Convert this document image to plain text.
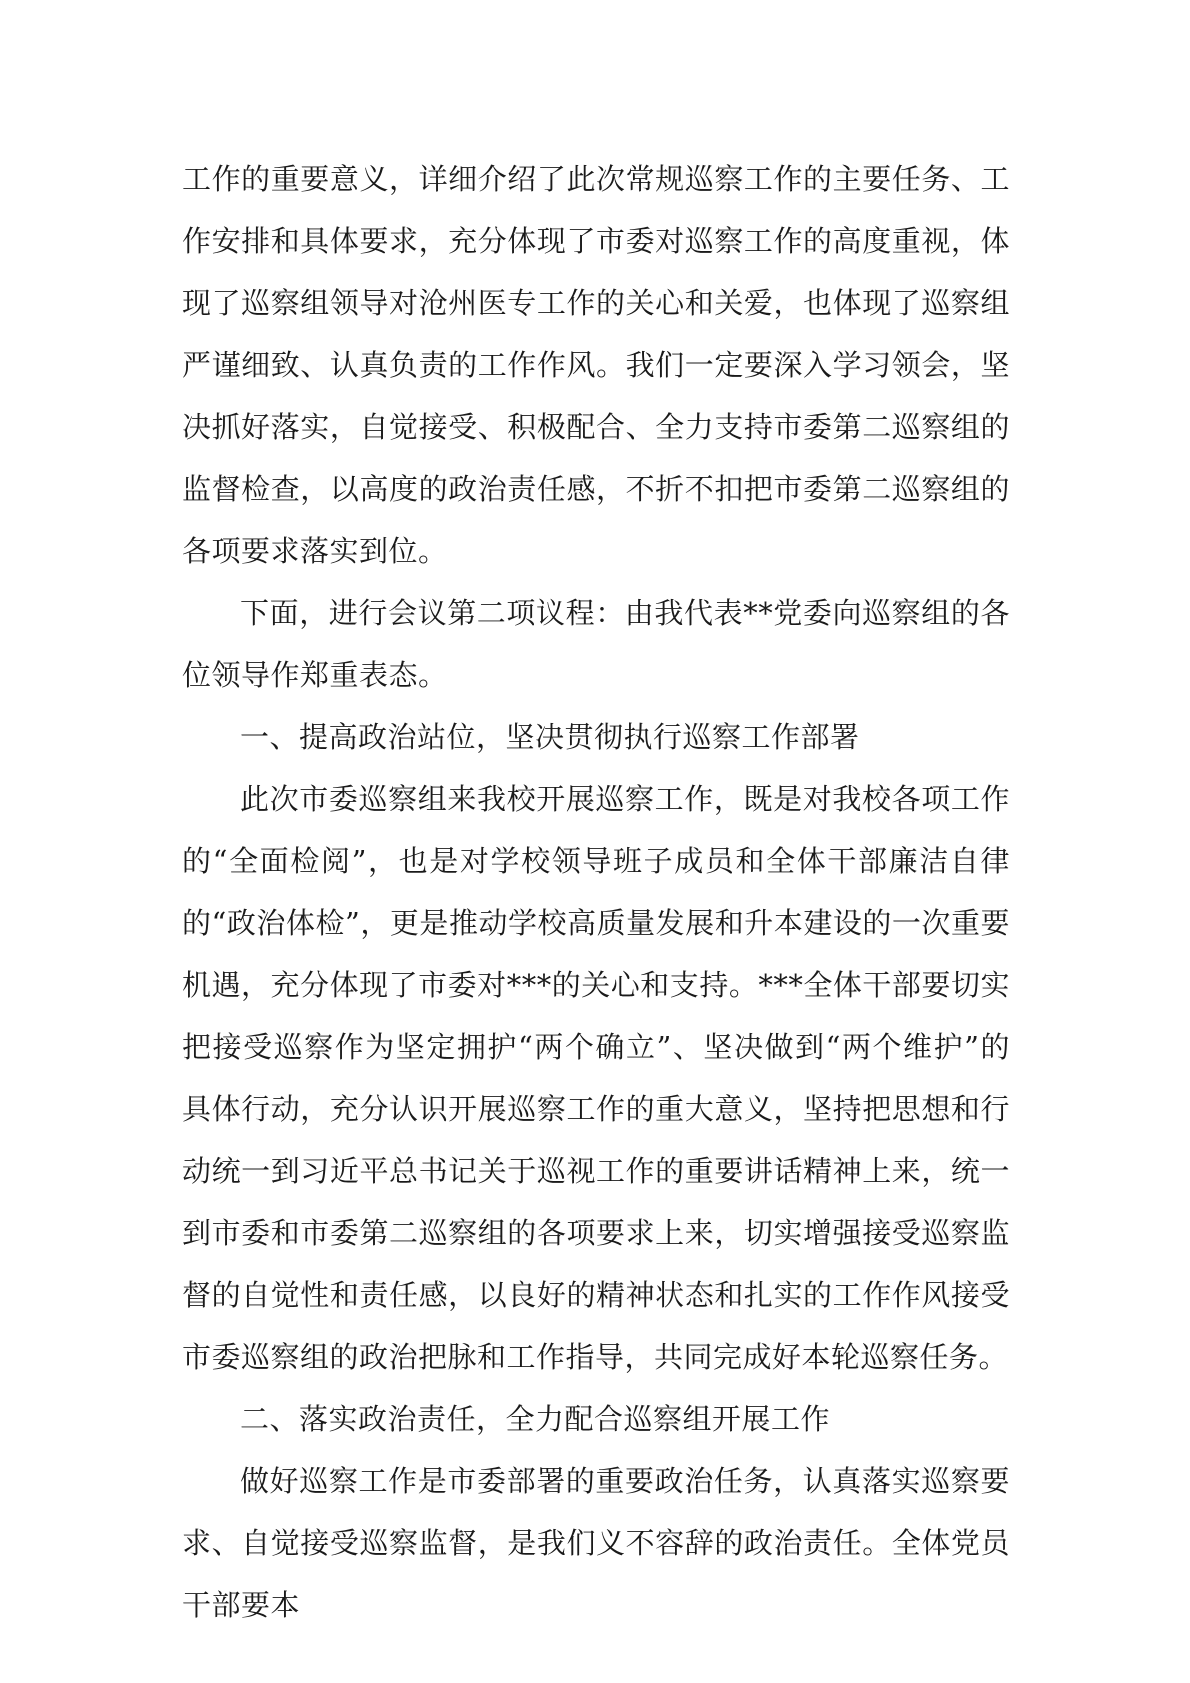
工作的重要意义，详细介绍了此次常规巡察工作的主要任务、工作安排和具体要求，充分体现了市委对巡察工作的高度重视，体现了巡察组领导对沧州医专工作的关心和关爱，也体现了巡察组严谨细致、认真负责的工作作风。我们一定要深入学习领会，坚决抓好落实，自觉接受、积极配合、全力支持市委第二巡察组的监督检查，以高度的政治责任感，不折不扣把市委第二巡察组的各项要求落实到位。

下面，进行会议第二项议程：由我代表**党委向巡察组的各位领导作郑重表态。

一、提高政治站位，坚决贯彻执行巡察工作部署

此次市委巡察组来我校开展巡察工作，既是对我校各项工作的“全面检阅”，也是对学校领导班子成员和全体干部廉洁自律的“政治体检”，更是推动学校高质量发展和升本建设的一次重要机遇，充分体现了市委对***的关心和支持。***全体干部要切实把接受巡察作为坚定拥护“两个确立”、坚决做到“两个维护”的具体行动，充分认识开展巡察工作的重大意义，坚持把思想和行动统一到习近平总书记关于巡视工作的重要讲话精神上来，统一到市委和市委第二巡察组的各项要求上来，切实增强接受巡察监督的自觉性和责任感，以良好的精神状态和扎实的工作作风接受市委巡察组的政治把脉和工作指导，共同完成好本轮巡察任务。

二、落实政治责任，全力配合巡察组开展工作

做好巡察工作是市委部署的重要政治任务，认真落实巡察要求、自觉接受巡察监督，是我们义不容辞的政治责任。全体党员干部要本
